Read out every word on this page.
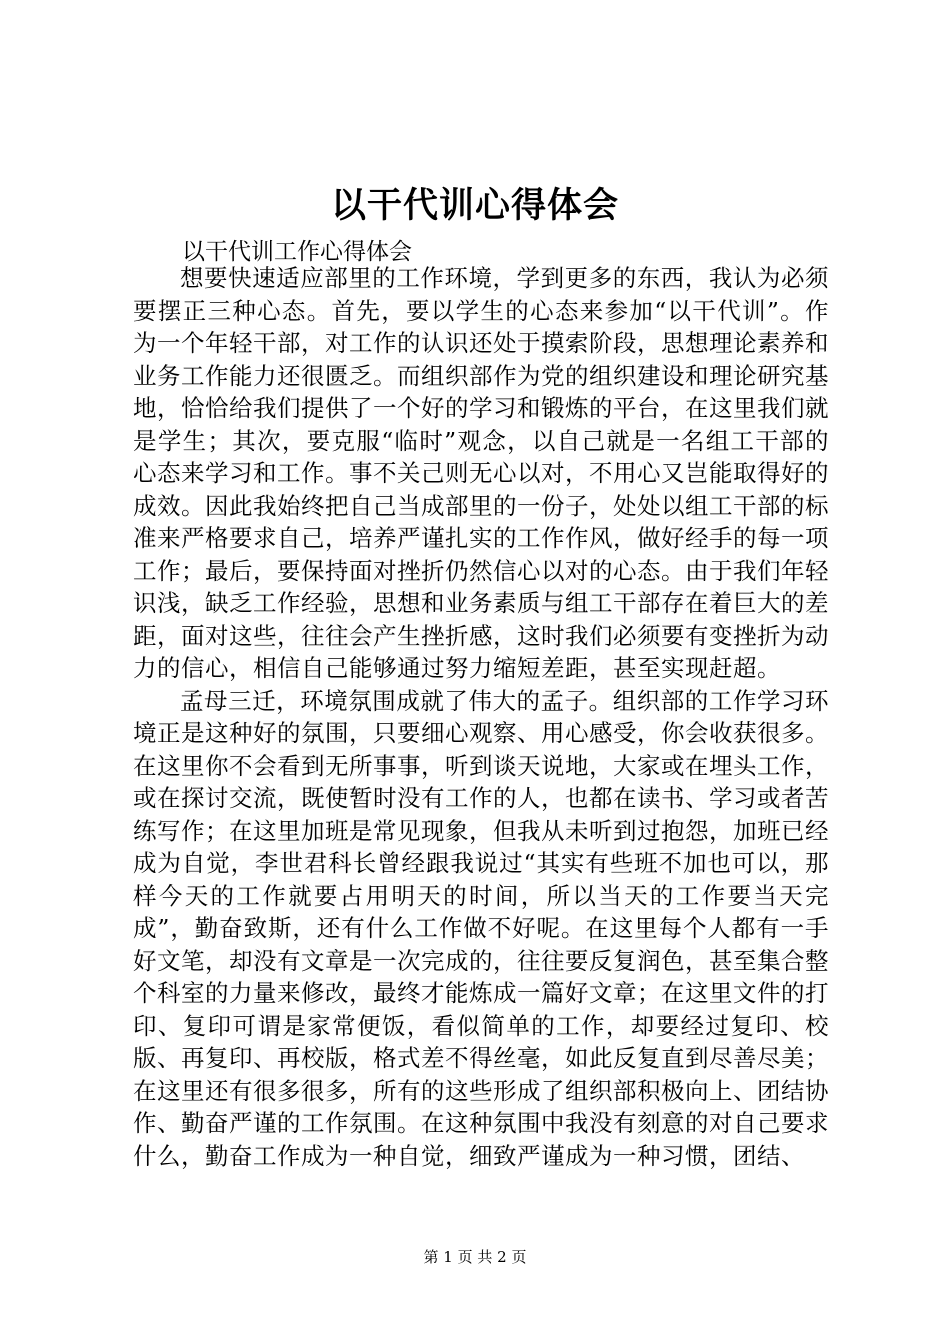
以干代训心得体会
以干代训工作心得体会

想要快速适应部里的工作环境，学到更多的东西，我认为必须要摆正三种心态。首先，要以学生的心态来参加“以干代训”。作为一个年轻干部，对工作的认识还处于摸索阶段，思想理论素养和业务工作能力还很匮乏。而组织部作为党的组织建设和理论研究基地，恰恰给我们提供了一个好的学习和锻炼的平台，在这里我们就是学生；其次，要克服“临时”观念，以自己就是一名组工干部的心态来学习和工作。事不关己则无心以对，不用心又岂能取得好的成效。因此我始终把自己当成部里的一份子，处处以组工干部的标准来严格要求自己，培养严谨扎实的工作作风，做好经手的每一项工作；最后，要保持面对挫折仍然信心以对的心态。由于我们年轻识浅，缺乏工作经验，思想和业务素质与组工干部存在着巨大的差距，面对这些，往往会产生挫折感，这时我们必须要有变挫折为动力的信心，相信自己能够通过努力缩短差距，甚至实现赶超。

孟母三迁，环境氛围成就了伟大的孟子。组织部的工作学习环境正是这种好的氛围，只要细心观察、用心感受，你会收获很多。在这里你不会看到无所事事，听到谈天说地，大家或在埋头工作，或在探讨交流，既使暂时没有工作的人，也都在读书、学习或者苦练写作；在这里加班是常见现象，但我从未听到过抱怨，加班已经成为自觉，李世君科长曾经跟我说过“其实有些班不加也可以，那样今天的工作就要占用明天的时间，所以当天的工作要当天完成”，勤奋致斯，还有什么工作做不好呢。在这里每个人都有一手好文笔，却没有文章是一次完成的，往往要反复润色，甚至集合整个科室的力量来修改，最终才能炼成一篇好文章；在这里文件的打印、复印可谓是家常便饭，看似简单的工作，却要经过复印、校版、再复印、再校版，格式差不得丝毫，如此反复直到尽善尽美；在这里还有很多很多，所有的这些形成了组织部积极向上、团结协作、勤奋严谨的工作氛围。在这种氛围中我没有刻意的对自己要求什么，勤奋工作成为一种自觉，细致严谨成为一种习惯，团结、

第 1 页 共 2 页
